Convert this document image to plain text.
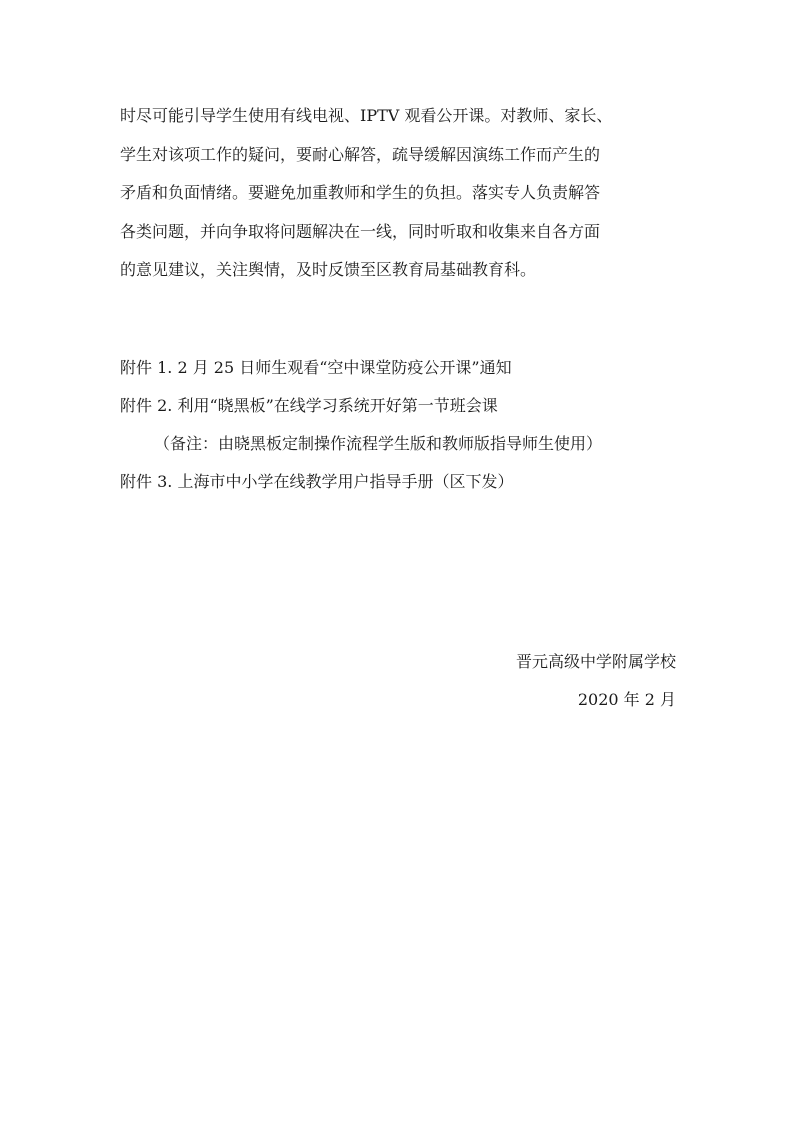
时尽可能引导学生使用有线电视、IPTV 观看公开课。对教师、家长、
学生对该项工作的疑问，要耐心解答，疏导缓解因演练工作而产生的
矛盾和负面情绪。要避免加重教师和学生的负担。落实专人负责解答
各类问题，并向争取将问题解决在一线，同时听取和收集来自各方面
的意见建议，关注舆情，及时反馈至区教育局基础教育科。
附件 1. 2 月 25 日师生观看“空中课堂防疫公开课”通知
附件 2. 利用“晓黑板”在线学习系统开好第一节班会课
（备注：由晓黑板定制操作流程学生版和教师版指导师生使用）
附件 3. 上海市中小学在线教学用户指导手册（区下发）
晋元高级中学附属学校
2020 年 2 月
